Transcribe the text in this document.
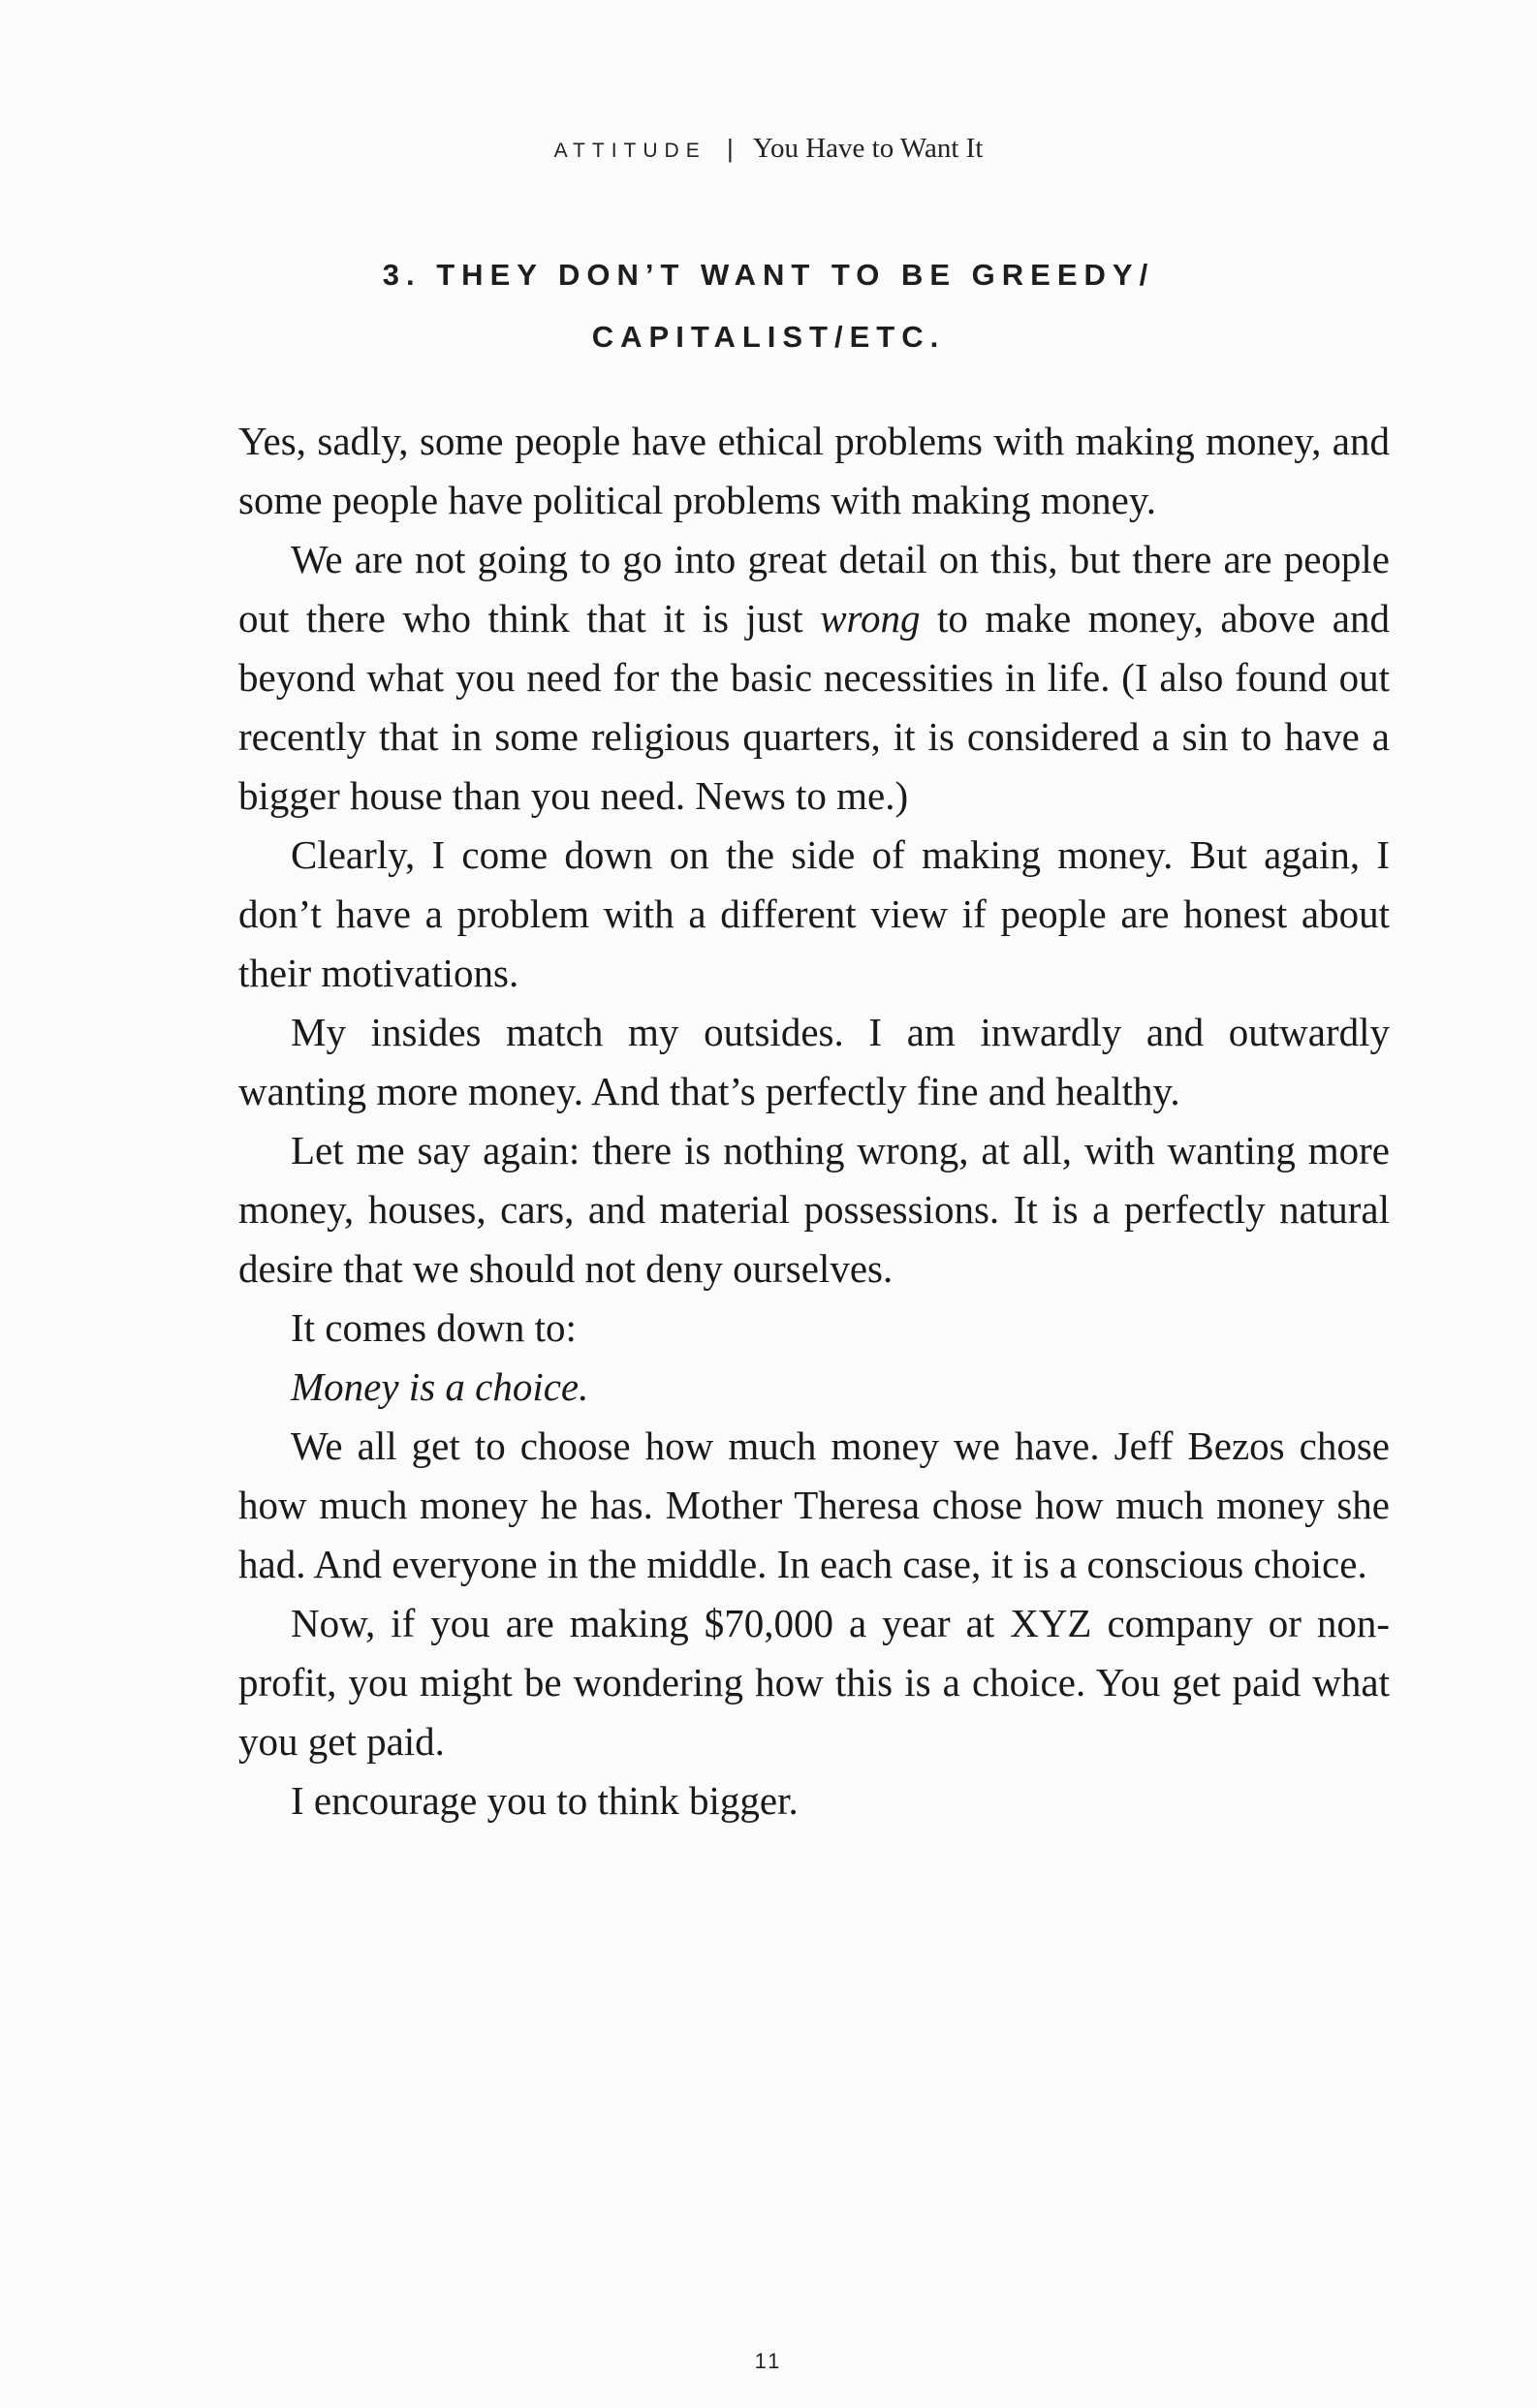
ATTITUDE | You Have to Want It
3. THEY DON’T WANT TO BE GREEDY/
CAPITALIST/ETC.

Yes, sadly, some people have ethical problems with making money, and some people have political problems with making money.

We are not going to go into great detail on this, but there are people out there who think that it is just wrong to make money, above and beyond what you need for the basic necessities in life. (I also found out recently that in some religious quarters, it is considered a sin to have a bigger house than you need. News to me.)

Clearly, I come down on the side of making money. But again, I don’t have a problem with a different view if people are honest about their motivations.

My insides match my outsides. I am inwardly and outwardly wanting more money. And that’s perfectly fine and healthy.

Let me say again: there is nothing wrong, at all, with wanting more money, houses, cars, and material possessions. It is a perfectly natural desire that we should not deny ourselves.

It comes down to:

Money is a choice.

We all get to choose how much money we have. Jeff Bezos chose how much money he has. Mother Theresa chose how much money she had. And everyone in the middle. In each case, it is a conscious choice.

Now, if you are making $70,000 a year at XYZ company or non-profit, you might be wondering how this is a choice. You get paid what you get paid.

I encourage you to think bigger.

11
